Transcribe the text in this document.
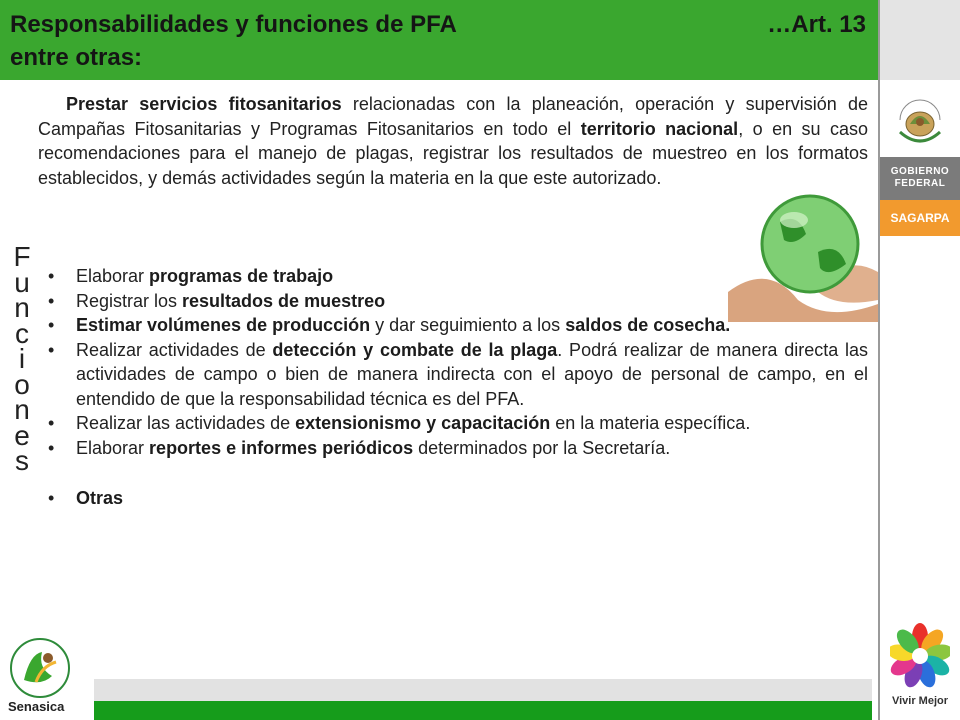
Responsabilidades y funciones de PFA	…Art. 13
entre otras:
GOBIERNO
FEDERAL
SAGARPA
Vivir Mejor
Prestar servicios fitosanitarios relacionadas con la planeación, operación y supervisión de Campañas Fitosanitarias y Programas Fitosanitarios en todo el territorio nacional, o en su caso recomendaciones para el manejo de plagas, registrar los resultados de muestreo en los formatos establecidos, y demás actividades según la materia en la que este autorizado.
F
u
n
c
i
o
n
e
s
• Elaborar programas de trabajo
• Registrar los resultados de muestreo
• Estimar volúmenes de producción y dar seguimiento a los saldos de cosecha.
• Realizar actividades de detección y combate de la plaga. Podrá realizar de manera directa las actividades de campo o bien de manera indirecta con el apoyo de personal de campo, en el entendido de que la responsabilidad técnica es del PFA.
• Realizar las actividades de extensionismo y capacitación en la materia específica.
• Elaborar reportes e informes periódicos determinados por la Secretaría.
• Otras
Senasica
